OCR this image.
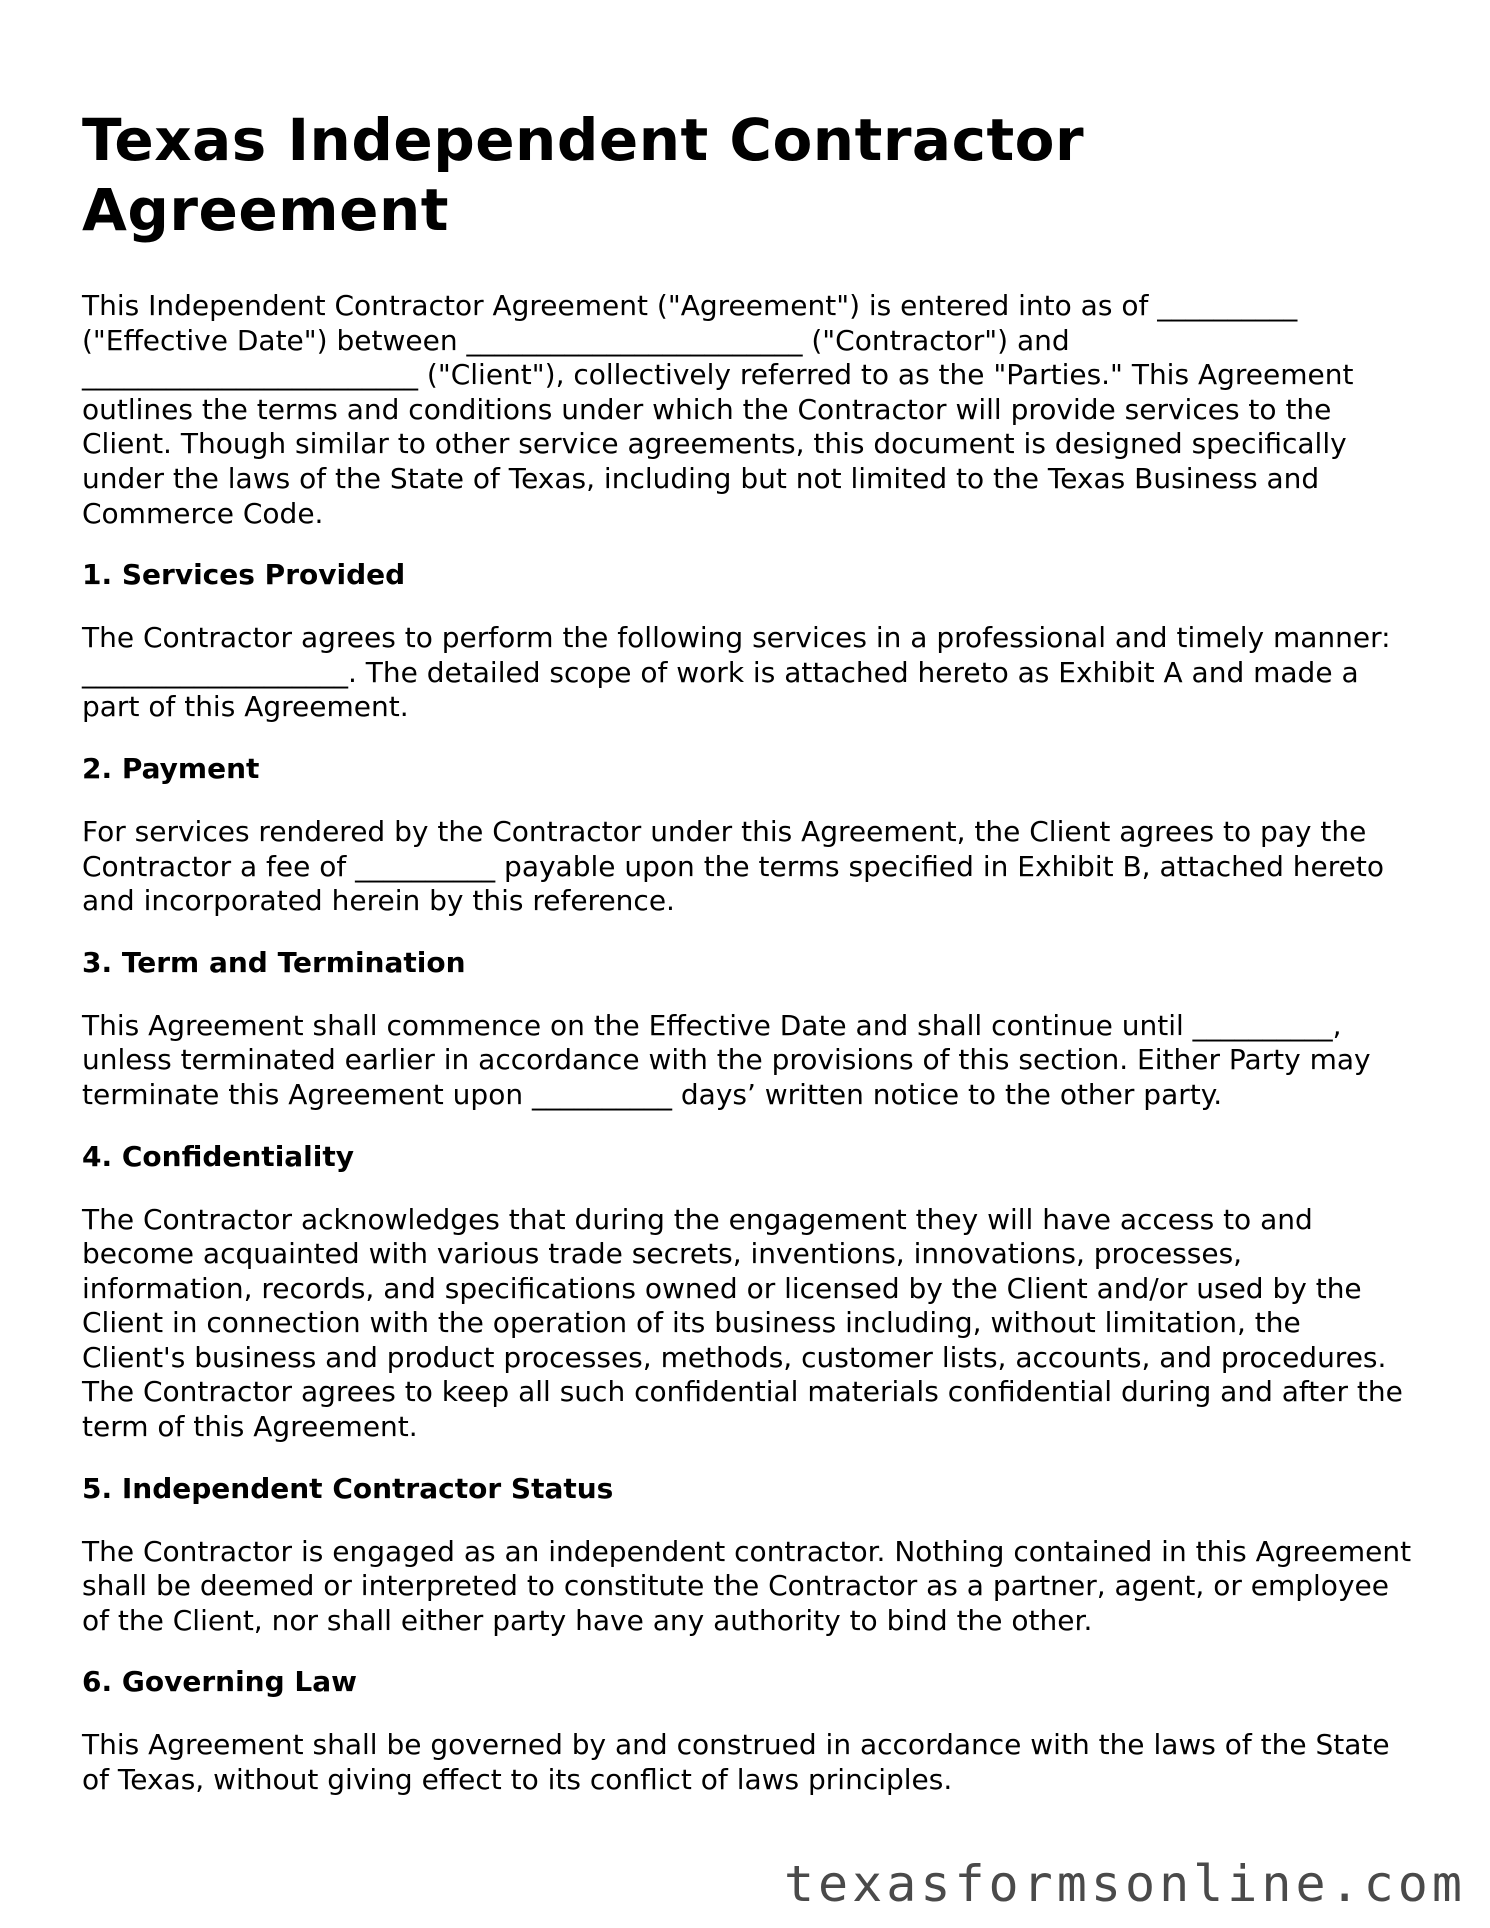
Texas Independent Contractor Agreement

This Independent Contractor Agreement ("Agreement") is entered into as of __________ ("Effective Date") between ________________________ ("Contractor") and ________________________ ("Client"), collectively referred to as the "Parties." This Agreement outlines the terms and conditions under which the Contractor will provide services to the Client. Though similar to other service agreements, this document is designed specifically under the laws of the State of Texas, including but not limited to the Texas Business and Commerce Code.

1. Services Provided

The Contractor agrees to perform the following services in a professional and timely manner: ___________________. The detailed scope of work is attached hereto as Exhibit A and made a part of this Agreement.

2. Payment

For services rendered by the Contractor under this Agreement, the Client agrees to pay the Contractor a fee of __________ payable upon the terms specified in Exhibit B, attached hereto and incorporated herein by this reference.

3. Term and Termination

This Agreement shall commence on the Effective Date and shall continue until __________, unless terminated earlier in accordance with the provisions of this section. Either Party may terminate this Agreement upon __________ days’ written notice to the other party.

4. Confidentiality

The Contractor acknowledges that during the engagement they will have access to and become acquainted with various trade secrets, inventions, innovations, processes, information, records, and specifications owned or licensed by the Client and/or used by the Client in connection with the operation of its business including, without limitation, the Client's business and product processes, methods, customer lists, accounts, and procedures. The Contractor agrees to keep all such confidential materials confidential during and after the term of this Agreement.

5. Independent Contractor Status

The Contractor is engaged as an independent contractor. Nothing contained in this Agreement shall be deemed or interpreted to constitute the Contractor as a partner, agent, or employee of the Client, nor shall either party have any authority to bind the other.

6. Governing Law

This Agreement shall be governed by and construed in accordance with the laws of the State of Texas, without giving effect to its conflict of laws principles.

texasformsonline.com
